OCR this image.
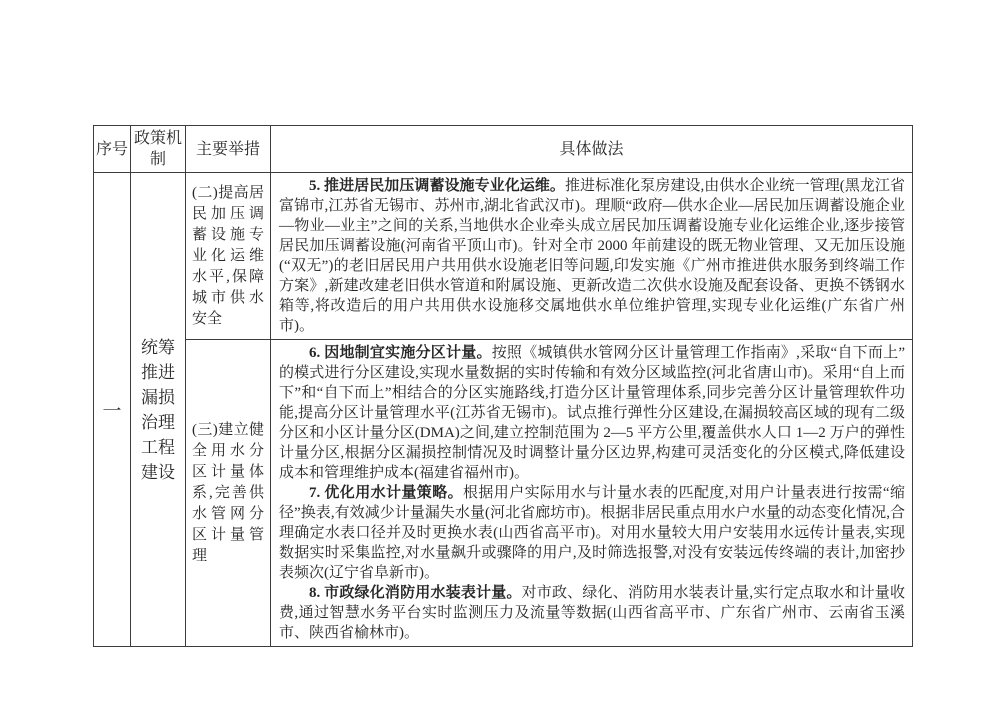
序号	政策机制	主要举措	具体做法
一	统筹推进漏损治理工程建设	(二)提高居民加压调蓄设施专业化运维水平,保障城市供水安全	5. 推进居民加压调蓄设施专业化运维。推进标准化泵房建设,由供水企业统一管理(黑龙江省富锦市,江苏省无锡市、苏州市,湖北省武汉市)。理顺“政府—供水企业—居民加压调蓄设施企业—物业—业主”之间的关系,当地供水企业牵头成立居民加压调蓄设施专业化运维企业,逐步接管居民加压调蓄设施(河南省平顶山市)。针对全市 2000 年前建设的既无物业管理、又无加压设施(“双无”)的老旧居民用户共用供水设施老旧等问题,印发实施《广州市推进供水服务到终端工作方案》,新建改建老旧供水管道和附属设施、更新改造二次供水设施及配套设备、更换不锈钢水箱等,将改造后的用户共用供水设施移交属地供水单位维护管理,实现专业化运维(广东省广州市)。

		(三)建立健全用水分区计量体系,完善供水管网分区计量管理	6. 因地制宜实施分区计量。按照《城镇供水管网分区计量管理工作指南》,采取“自下而上”的模式进行分区建设,实现水量数据的实时传输和有效分区域监控(河北省唐山市)。采用“自上而下”和“自下而上”相结合的分区实施路线,打造分区计量管理体系,同步完善分区计量管理软件功能,提高分区计量管理水平(江苏省无锡市)。试点推行弹性分区建设,在漏损较高区域的现有二级分区和小区计量分区(DMA)之间,建立控制范围为 2—5 平方公里,覆盖供水人口 1—2 万户的弹性计量分区,根据分区漏损控制情况及时调整计量分区边界,构建可灵活变化的分区模式,降低建设成本和管理维护成本(福建省福州市)。
7. 优化用水计量策略。根据用户实际用水与计量水表的匹配度,对用户计量表进行按需“缩径”换表,有效减少计量漏失水量(河北省廊坊市)。根据非居民重点用水户水量的动态变化情况,合理确定水表口径并及时更换水表(山西省高平市)。对用水量较大用户安装用水远传计量表,实现数据实时采集监控,对水量飙升或骤降的用户,及时筛选报警,对没有安装远传终端的表计,加密抄表频次(辽宁省阜新市)。
8. 市政绿化消防用水装表计量。对市政、绿化、消防用水装表计量,实行定点取水和计量收费,通过智慧水务平台实时监测压力及流量等数据(山西省高平市、广东省广州市、云南省玉溪市、陕西省榆林市)。
